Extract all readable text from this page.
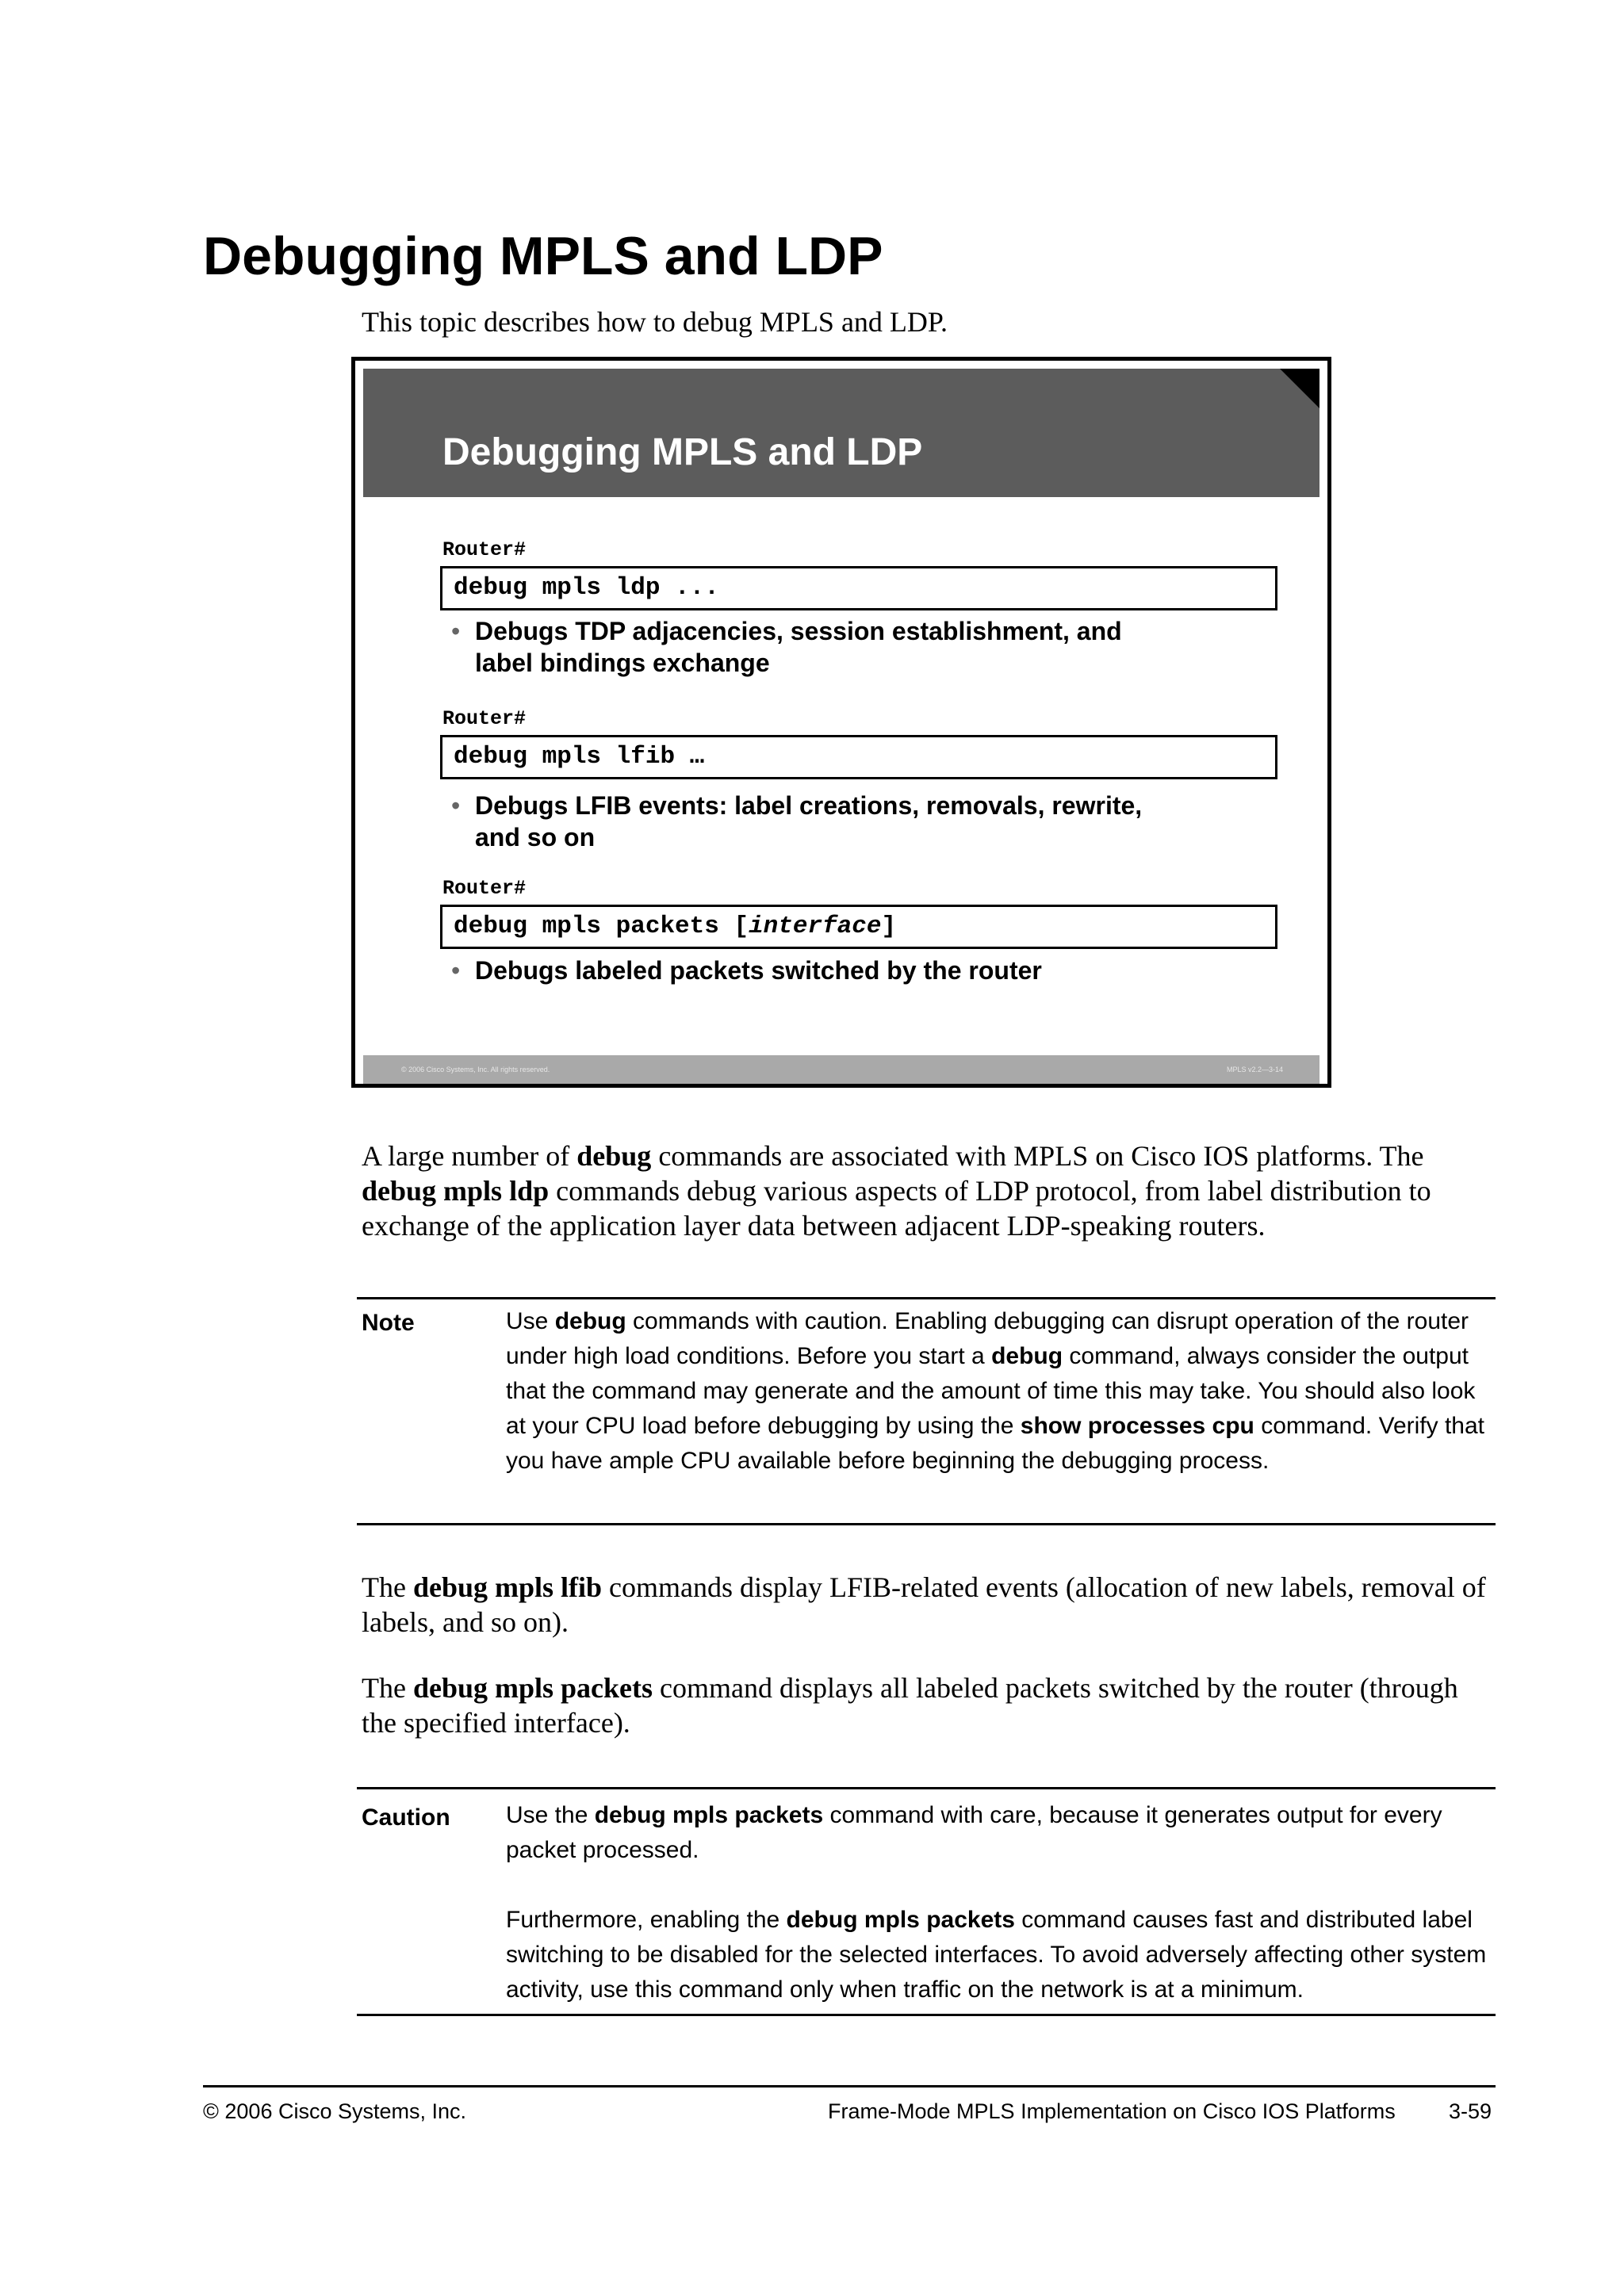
Debugging MPLS and LDP
This topic describes how to debug MPLS and LDP.
Debugging MPLS and LDP
Router#
debug mpls ldp ...
• Debugs TDP adjacencies, session establishment, and
label bindings exchange
Router#
debug mpls lfib …
• Debugs LFIB events: label creations, removals, rewrite,
and so on
Router#
debug mpls packets [interface]
• Debugs labeled packets switched by the router
© 2006 Cisco Systems, Inc. All rights reserved.	MPLS v2.2—3-14
A large number of debug commands are associated with MPLS on Cisco IOS platforms. The debug mpls ldp commands debug various aspects of LDP protocol, from label distribution to exchange of the application layer data between adjacent LDP-speaking routers.
Note	Use debug commands with caution. Enabling debugging can disrupt operation of the router under high load conditions. Before you start a debug command, always consider the output that the command may generate and the amount of time this may take. You should also look at your CPU load before debugging by using the show processes cpu command. Verify that you have ample CPU available before beginning the debugging process.
The debug mpls lfib commands display LFIB-related events (allocation of new labels, removal of labels, and so on).
The debug mpls packets command displays all labeled packets switched by the router (through the specified interface).
Caution Use the debug mpls packets command with care, because it generates output for every packet processed.
Furthermore, enabling the debug mpls packets command causes fast and distributed label switching to be disabled for the selected interfaces. To avoid adversely affecting other system activity, use this command only when traffic on the network is at a minimum.
© 2006 Cisco Systems, Inc.	Frame-Mode MPLS Implementation on Cisco IOS Platforms 3-59
